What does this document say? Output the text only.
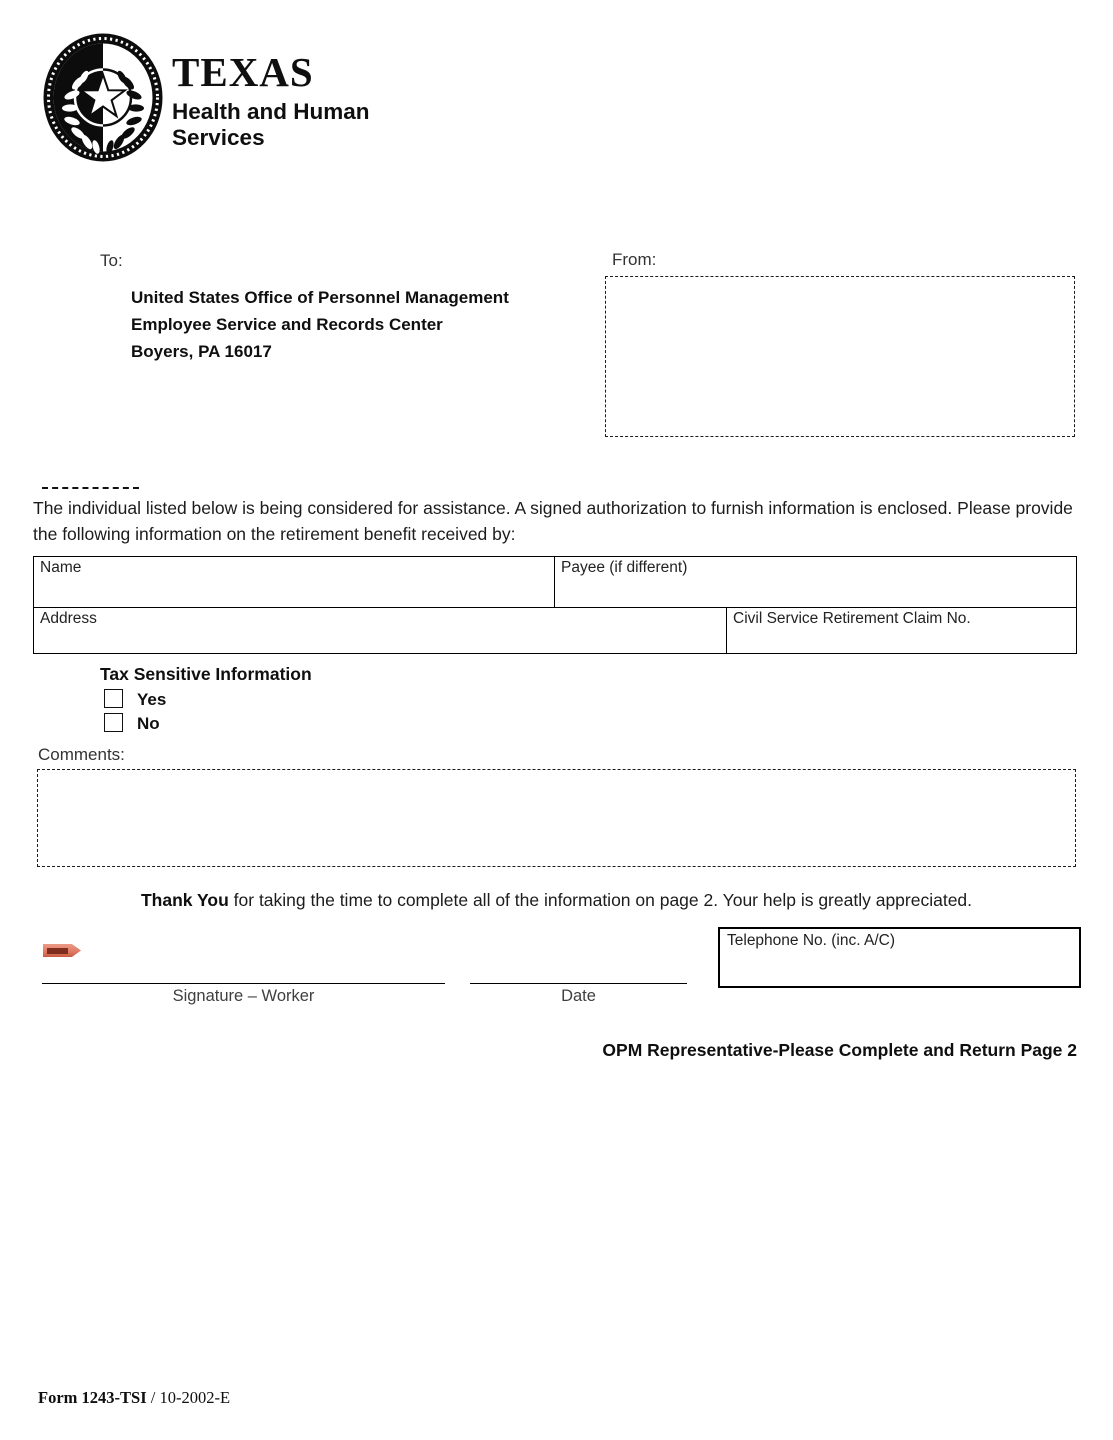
TEXAS
Health and Human
Services
To:
United States Office of Personnel Management
Employee Service and Records Center
Boyers, PA 16017
From:
The individual listed below is being considered for assistance. A signed authorization to furnish information is enclosed. Please provide the following information on the retirement benefit received by:
Name	Payee (if different)
Address	Civil Service Retirement Claim No.
Tax Sensitive Information
Yes
No
Comments:
Thank You for taking the time to complete all of the information on page 2. Your help is greatly appreciated.
Signature – Worker	Date
Telephone No. (inc. A/C)
OPM Representative-Please Complete and Return Page 2
Form 1243-TSI / 10-2002-E
